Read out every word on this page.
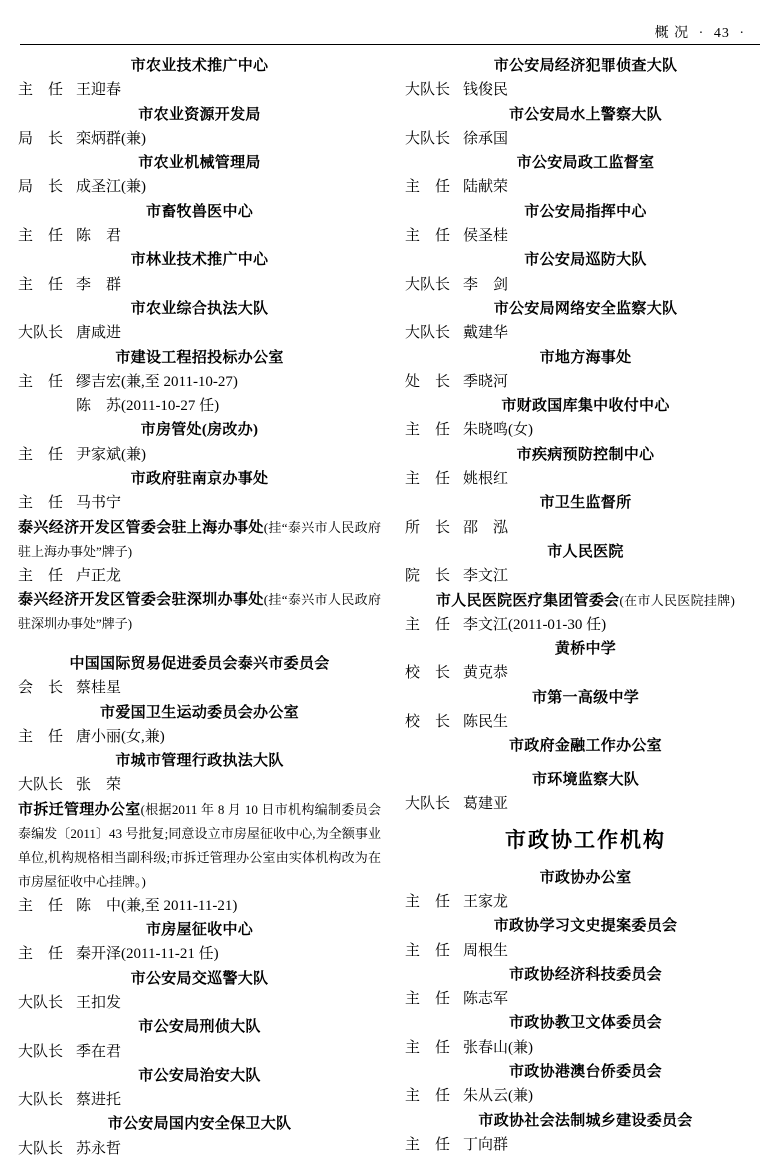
概 况 · 43 ·
市农业技术推广中心
主　任 王迎春
市农业资源开发局
局　长 栾炳群(兼)
市农业机械管理局
局　长 成圣江(兼)
市畜牧兽医中心
主　任 陈　君
市林业技术推广中心
主　任 李　群
市农业综合执法大队
大队长 唐咸进
市建设工程招投标办公室
主　任 缪吉宏(兼,至 2011-10-27)
陈　苏(2011-10-27 任)
市房管处(房改办)
主　任 尹家斌(兼)
市政府驻南京办事处
主　任 马书宁
泰兴经济开发区管委会驻上海办事处(挂“泰兴市人民政府驻上海办事处”牌子)
主　任 卢正龙
泰兴经济开发区管委会驻深圳办事处(挂“泰兴市人民政府驻深圳办事处”牌子)
中国国际贸易促进委员会泰兴市委员会
会　长 蔡桂星
市爱国卫生运动委员会办公室
主　任 唐小丽(女,兼)
市城市管理行政执法大队
大队长 张　荣
市拆迁管理办公室(根据2011 年 8 月 10 日市机构编制委员会泰编发〔2011〕43 号批复;同意设立市房屋征收中心,为全额事业单位,机构规格相当副科级;市拆迁管理办公室由实体机构改为在市房屋征收中心挂牌。)
主　任 陈　中(兼,至 2011-11-21)
市房屋征收中心
主　任 秦开泽(2011-11-21 任)
市公安局交巡警大队
大队长 王扣发
市公安局刑侦大队
大队长 季在君
市公安局治安大队
大队长 蔡进托
市公安局国内安全保卫大队
大队长 苏永哲
市公安局经济犯罪侦查大队
大队长 钱俊民
市公安局水上警察大队
大队长 徐承国
市公安局政工监督室
主　任 陆献荣
市公安局指挥中心
主　任 侯圣桂
市公安局巡防大队
大队长 李　剑
市公安局网络安全监察大队
大队长 戴建华
市地方海事处
处　长 季晓河
市财政国库集中收付中心
主　任 朱晓鸣(女)
市疾病预防控制中心
主　任 姚根红
市卫生监督所
所　长 邵　泓
市人民医院
院　长 李文江
市人民医院医疗集团管委会(在市人民医院挂牌)
主　任 李文江(2011-01-30 任)
黄桥中学
校　长 黄克恭
市第一高级中学
校　长 陈民生
市政府金融工作办公室
市环境监察大队
大队长 葛建亚
市政协工作机构
市政协办公室
主　任 王家龙
市政协学习文史提案委员会
主　任 周根生
市政协经济科技委员会
主　任 陈志军
市政协教卫文体委员会
主　任 张春山(兼)
市政协港澳台侨委员会
主　任 朱从云(兼)
市政协社会法制城乡建设委员会
主　任 丁向群
